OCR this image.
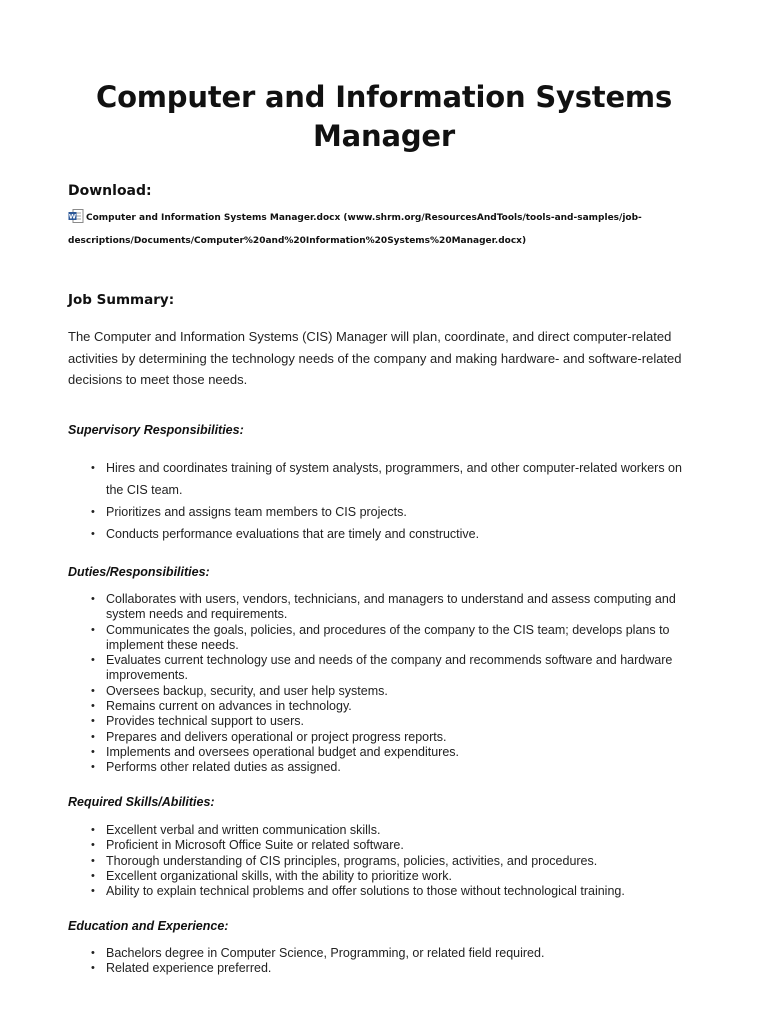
Computer and Information Systems
Manager
Download:
W Computer and Information Systems Manager.docx (www.shrm.org/ResourcesAndTools/tools-and-samples/job-
descriptions/Documents/Computer%20and%20Information%20Systems%20Manager.docx)
Job Summary:
The Computer and Information Systems (CIS) Manager will plan, coordinate, and direct computer-related activities by determining the technology needs of the company and making hardware- and software-related decisions to meet those needs.
Supervisory Responsibilities:
• Hires and coordinates training of system analysts, programmers, and other computer-related workers on the CIS team.
• Prioritizes and assigns team members to CIS projects.
• Conducts performance evaluations that are timely and constructive.
Duties/Responsibilities:
• Collaborates with users, vendors, technicians, and managers to understand and assess computing and system needs and requirements.
• Communicates the goals, policies, and procedures of the company to the CIS team; develops plans to implement these needs.
• Evaluates current technology use and needs of the company and recommends software and hardware improvements.
• Oversees backup, security, and user help systems.
• Remains current on advances in technology.
• Provides technical support to users.
• Prepares and delivers operational or project progress reports.
• Implements and oversees operational budget and expenditures.
• Performs other related duties as assigned.
Required Skills/Abilities:
• Excellent verbal and written communication skills.
• Proficient in Microsoft Office Suite or related software.
• Thorough understanding of CIS principles, programs, policies, activities, and procedures.
• Excellent organizational skills, with the ability to prioritize work.
• Ability to explain technical problems and offer solutions to those without technological training.
Education and Experience:
• Bachelors degree in Computer Science, Programming, or related field required.
• Related experience preferred.
